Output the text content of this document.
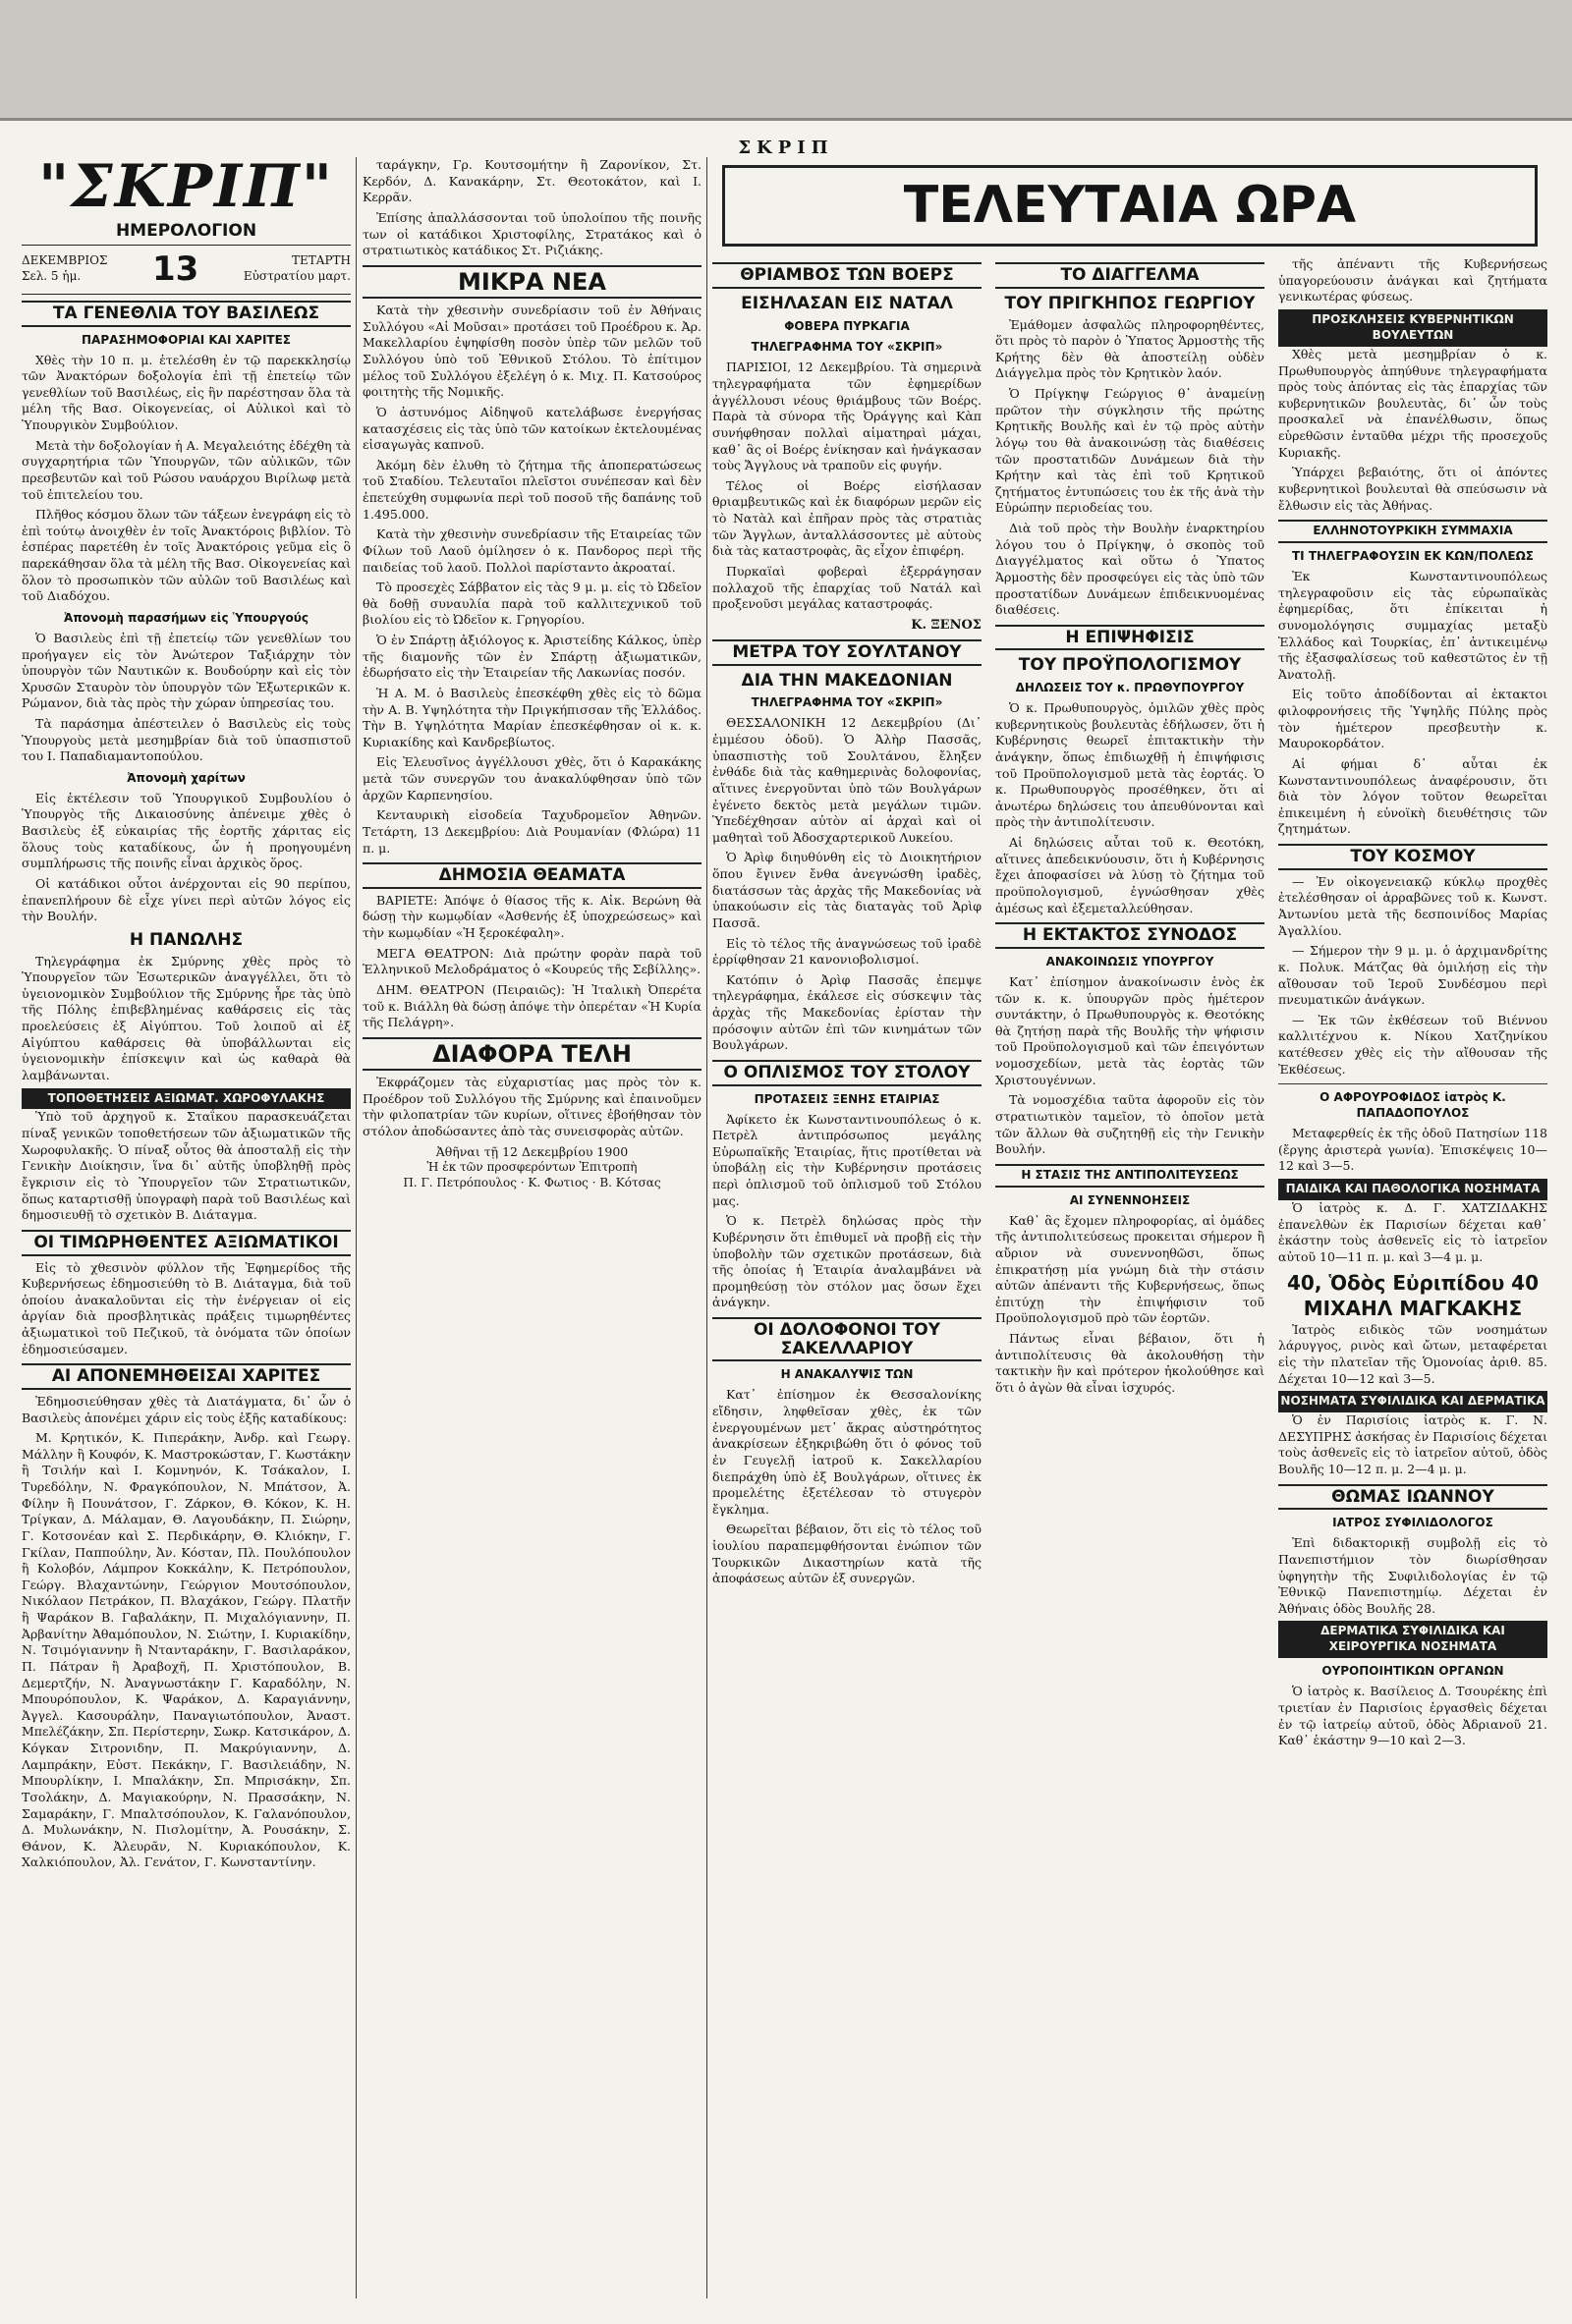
ΣΚΡΙΠ
"ΣΚΡΙΠ"
ΗΜΕΡΟΛΟΓΙΟΝ
ΔΕΚΕΜΒΡΙΟΣ
Σελ. 5 ἡμ.	13	ΤΕΤΑΡΤΗ
Εὐστρατίου μαρτ.
ΤΑ ΓΕΝΕΘΛΙΑ ΤΟΥ ΒΑΣΙΛΕΩΣ
ΠΑΡΑΣΗΜΟΦΟΡΙΑΙ ΚΑΙ ΧΑΡΙΤΕΣ

Χθὲς τὴν 10 π. μ. ἐτελέσθη ἐν τῷ παρεκκλησίῳ τῶν Ἀνακτόρων δοξολογία ἐπὶ τῇ ἐπετείῳ τῶν γενεθλίων τοῦ Βασιλέως, εἰς ἣν παρέστησαν ὅλα τὰ μέλη τῆς Βασ. Οἰκογενείας, οἱ Αὐλικοὶ καὶ τὸ Ὑπουργικὸν Συμβούλιον.

Μετὰ τὴν δοξολογίαν ἡ Α. Μεγαλειότης ἐδέχθη τὰ συγχαρητήρια τῶν Ὑπουργῶν, τῶν αὐλικῶν, τῶν πρεσβευτῶν καὶ τοῦ Ρώσου ναυάρχου Βιρίλωφ μετὰ τοῦ ἐπιτελείου του.

Πλῆθος κόσμου ὅλων τῶν τάξεων ἐνεγράφη εἰς τὸ ἐπὶ τούτῳ ἀνοιχθὲν ἐν τοῖς Ἀνακτόροις βιβλίον. Τὸ ἑσπέρας παρετέθη ἐν τοῖς Ἀνακτόροις γεῦμα εἰς ὃ παρεκάθησαν ὅλα τὰ μέλη τῆς Βασ. Οἰκογενείας καὶ ὅλον τὸ προσωπικὸν τῶν αὐλῶν τοῦ Βασιλέως καὶ τοῦ Διαδόχου.

Ἀπονομὴ παρασήμων εἰς Ὑπουργούς

Ὁ Βασιλεὺς ἐπὶ τῇ ἐπετείῳ τῶν γενεθλίων του προήγαγεν εἰς τὸν Ἀνώτερον Ταξιάρχην τὸν ὑπουργὸν τῶν Ναυτικῶν κ. Βουδούρην καὶ εἰς τὸν Χρυσῶν Σταυρὸν τὸν ὑπουργὸν τῶν Ἐξωτερικῶν κ. Ρώμανον, διὰ τὰς πρὸς τὴν χώραν ὑπηρεσίας του.

Τὰ παράσημα ἀπέστειλεν ὁ Βασιλεὺς εἰς τοὺς Ὑπουργοὺς μετὰ μεσημβρίαν διὰ τοῦ ὑπασπιστοῦ του Ι. Παπαδιαμαντοπούλου.

Ἀπονομὴ χαρίτων

Εἰς ἐκτέλεσιν τοῦ Ὑπουργικοῦ Συμβουλίου ὁ Ὑπουργὸς τῆς Δικαιοσύνης ἀπένειμε χθὲς ὁ Βασιλεὺς ἐξ εὐκαιρίας τῆς ἐορτῆς χάριτας εἰς ὅλους τοὺς καταδίκους, ὧν ἡ προηγουμένη συμπλήρωσις τῆς ποινῆς εἶναι ἀρχικὸς ὅρος.

Οἱ κατάδικοι οὗτοι ἀνέρχονται εἰς 90 περίπου, ἐπανεπλήρουν δὲ εἶχε γίνει περὶ αὐτῶν λόγος εἰς τὴν Βουλήν.

Η ΠΑΝΩΛΗΣ

Τηλεγράφημα ἐκ Σμύρνης χθὲς πρὸς τὸ Ὑπουργεῖον τῶν Ἐσωτερικῶν ἀναγγέλλει, ὅτι τὸ ὑγειονομικὸν Συμβούλιον τῆς Σμύρνης ἦρε τὰς ὑπὸ τῆς Πόλης ἐπιβεβλημένας καθάρσεις εἰς τὰς προελεύσεις ἐξ Αἰγύπτου. Τοῦ λοιποῦ αἱ ἐξ Αἰγύπτου καθάρσεις θὰ ὑποβάλλωνται εἰς ὑγειονομικὴν ἐπίσκεψιν καὶ ὡς καθαρὰ θὰ λαμβάνωνται.

ΤΟΠΟΘΕΤΗΣΕΙΣ ΑΞΙΩΜΑΤ. ΧΩΡΟΦΥΛΑΚΗΣ

Ὑπὸ τοῦ ἀρχηγοῦ κ. Σταΐκου παρασκευάζεται πίναξ γενικῶν τοποθετήσεων τῶν ἀξιωματικῶν τῆς Χωροφυλακῆς. Ὁ πίναξ οὗτος θὰ ἀποσταλῇ εἰς τὴν Γενικὴν Διοίκησιν, ἵνα δι᾽ αὐτῆς ὑποβληθῇ πρὸς ἔγκρισιν εἰς τὸ Ὑπουργεῖον τῶν Στρατιωτικῶν, ὅπως καταρτισθῇ ὑπογραφὴ παρὰ τοῦ Βασιλέως καὶ δημοσιευθῇ τὸ σχετικὸν Β. Διάταγμα.

ΟΙ ΤΙΜΩΡΗΘΕΝΤΕΣ ΑΞΙΩΜΑΤΙΚΟΙ

Εἰς τὸ χθεσινὸν φύλλον τῆς Ἐφημερίδος τῆς Κυβερνήσεως ἐδημοσιεύθη τὸ Β. Διάταγμα, διὰ τοῦ ὁποίου ἀνακαλοῦνται εἰς τὴν ἐνέργειαν οἱ εἰς ἀργίαν διὰ προσβλητικὰς πράξεις τιμωρηθέντες ἀξιωματικοὶ τοῦ Πεζικοῦ, τὰ ὀνόματα τῶν ὁποίων ἐδημοσιεύσαμεν.

ΑΙ ΑΠΟΝΕΜΗΘΕΙΣΑΙ ΧΑΡΙΤΕΣ

Ἐδημοσιεύθησαν χθὲς τὰ Διατάγματα, δι᾽ ὧν ὁ Βασιλεὺς ἀπονέμει χάριν εἰς τοὺς ἑξῆς καταδίκους:

Μ. Κρητικόν, Κ. Πιπεράκην, Ἀνδρ. καὶ Γεωργ. Μάλλην ἢ Κουφόν, Κ. Μαστροκώσταν, Γ. Κωστάκην ἢ Τσιλήν καὶ Ι. Κομνηνόν, Κ. Τσάκαλον, Ι. Τυρεδόλην, Ν. Φραγκόπουλον, Ν. Μπάτσον, Ἀ. Φίλην ἢ Πουνάτσον, Γ. Ζάρκον, Θ. Κόκον, Κ. Η. Τρίγκαν, Δ. Μάλαμαν, Θ. Λαγουδάκην, Π. Σιώρην, Γ. Κοτσονέαν καὶ Σ. Περδικάρην, Θ. Κλιόκην, Γ. Γκίλαν, Παππούλην, Ἀν. Κόσταν, Πλ. Πουλόπουλον ἢ Κολοβόν, Λάμπρον Κοκκάλην, Κ. Πετρόπουλον, Γεώργ. Βλαχαντώνην, Γεώργιον Μουτσόπουλον, Νικόλαον Πετράκον, Π. Βλαχάκον, Γεώργ. Πλατῆν ἢ Ψαράκον Β. Γαβαλάκην, Π. Μιχαλόγιαννην, Π. Ἀρβανίτην Ἀθαμόπουλον, Ν. Σιώτην, Ι. Κυριακίδην, Ν. Τσιμόγιαννην ἢ Ντανταράκην, Γ. Βασιλαράκον, Π. Πάτραν ἢ Ἀραβοχῆ, Π. Χριστόπουλον, Β. Δεμερτζήν, Ν. Ἀναγνωστάκην Γ. Καραδόλην, Ν. Μπουρόπουλον, Κ. Ψαράκον, Δ. Καραγιάννην, Ἀγγελ. Κασουράλην, Παναγιωτόπουλον, Ἀναστ. Μπελέζάκην, Σπ. Περίστερην, Σωκρ. Κατσικάρον, Δ. Κόγκαν Σιτρονιδην, Π. Μακρύγιαννην, Δ. Λαμπράκην, Εὐστ. Πεκάκην, Γ. Βασιλειάδην, Ν. Μπουρλίκην, Ι. Μπαλάκην, Σπ. Μπρισάκην, Σπ. Τσολάκην, Δ. Μαγιακούρην, Ν. Πρασσάκην, Ν. Σαμαράκην, Γ. Μπαλτσόπουλον, Κ. Γαλανόπουλον, Δ. Μυλωνάκην, Ν. Πισλομίτην, Ἀ. Ρουσάκην, Σ. Θάνον, Κ. Ἀλευρᾶν, Ν. Κυριακόπουλον, Κ. Χαλκιόπουλον, Ἀλ. Γενάτον, Γ. Κωνσταντίνην.

ταράγκην, Γρ. Κουτσομήτην ἢ Ζαρονίκον, Στ. Κερδόν, Δ. Κανακάρην, Στ. Θεοτοκάτον, καὶ Ι. Κερρᾶν.

Ἐπίσης ἀπαλλάσσονται τοῦ ὑπολοίπου τῆς ποινῆς των οἱ κατάδικοι Χριστοφίλης, Στρατάκος καὶ ὁ στρατιωτικὸς κατάδικος Στ. Ριζιάκης.

ΜΙΚΡΑ ΝΕΑ

Κατὰ τὴν χθεσινὴν συνεδρίασιν τοῦ ἐν Ἀθήναις Συλλόγου «Αἱ Μοῦσαι» προτάσει τοῦ Προέδρου κ. Ἀρ. Μακελλαρίου ἐψηφίσθη ποσὸν ὑπὲρ τῶν μελῶν τοῦ Συλλόγου ὑπὸ τοῦ Ἐθνικοῦ Στόλου. Τὸ ἐπίτιμον μέλος τοῦ Συλλόγου ἐξελέγη ὁ κ. Μιχ. Π. Κατσούρος φοιτητὴς τῆς Νομικῆς.

Ὁ ἀστυνόμος Αἰδηψοῦ κατελάβωσε ἐνεργήσας κατασχέσεις εἰς τὰς ὑπὸ τῶν κατοίκων ἐκτελουμένας εἰσαγωγὰς καπνοῦ.

Ἀκόμη δὲν ἐλυθη τὸ ζήτημα τῆς ἀποπερατώσεως τοῦ Σταδίου. Τελευταῖοι πλεῖστοι συνέπεσαν καὶ δὲν ἐπετεύχθη συμφωνία περὶ τοῦ ποσοῦ τῆς δαπάνης τοῦ 1.495.000.

Κατὰ τὴν χθεσινὴν συνεδρίασιν τῆς Εταιρείας τῶν Φίλων τοῦ Λαοῦ ὁμίλησεν ὁ κ. Πανδορος περὶ τῆς παιδείας τοῦ λαοῦ. Πολλοὶ παρίσταντο ἀκροαταί.

Τὸ προσεχὲς Σάββατον εἰς τὰς 9 μ. μ. εἰς τὸ Ὠδεῖον θὰ δοθῇ συναυλία παρὰ τοῦ καλλιτεχνικοῦ τοῦ βιολίου εἰς τὸ Ὠδεῖον κ. Γρηγορίου.

Ὁ ἐν Σπάρτῃ ἀξιόλογος κ. Ἀριστείδης Κάλκος, ὑπὲρ τῆς διαμονῆς τῶν ἐν Σπάρτῃ ἀξιωματικῶν, ἐδωρήσατο εἰς τὴν Ἐταιρείαν τῆς Λακωνίας ποσόν.

Ἡ Α. Μ. ὁ Βασιλεὺς ἐπεσκέφθη χθὲς εἰς τὸ δῶμα τὴν Α. Β. Υψηλότητα τὴν Πριγκήπισσαν τῆς Ἑλλάδος. Τὴν Β. Υψηλότητα Μαρίαν ἐπεσκέφθησαν οἱ κ. κ. Κυριακίδης καὶ Κανδρεβίωτος.

Εἰς Ἐλευσῖνος ἀγγέλλουσι χθὲς, ὅτι ὁ Καρακάκης μετὰ τῶν συνεργῶν του ἀνακαλύφθησαν ὑπὸ τῶν ἀρχῶν Καρπενησίου.

Κενταυρικὴ εἰσοδεία Ταχυδρομεῖον Ἀθηνῶν. Τετάρτη, 13 Δεκεμβρίου: Διὰ Ρουμανίαν (Φλώρα) 11 π. μ.

ΔΗΜΟΣΙΑ ΘΕΑΜΑΤΑ

ΒΑΡΙΕΤΕ: Ἀπόψε ὁ θίασος τῆς κ. Αἰκ. Βερώνη θὰ δώσῃ τὴν κωμῳδίαν «Ἀσθενής ἐξ ὑποχρεώσεως» καὶ τὴν κωμῳδίαν «Ἡ ξεροκέφαλη».

ΜΕΓΑ ΘΕΑΤΡΟΝ: Διὰ πρώτην φορὰν παρὰ τοῦ Ἑλληνικοῦ Μελοδράματος ὁ «Κουρεύς τῆς Σεβίλλης».

ΔΗΜ. ΘΕΑΤΡΟΝ (Πειραιῶς): Ἡ Ἰταλικὴ Ὀπερέτα τοῦ κ. Βιάλλη θὰ δώσῃ ἀπόψε τὴν ὀπερέταν «Ἡ Κυρία τῆς Πελάγρη».

ΔΙΑΦΟΡΑ ΤΕΛΗ

Ἐκφράζομεν τὰς εὐχαριστίας μας πρὸς τὸν κ. Προέδρον τοῦ Συλλόγου τῆς Σμύρνης καὶ ἐπαινοῦμεν τὴν φιλοπατρίαν τῶν κυρίων, οἵτινες ἐβοήθησαν τὸν στόλον ἀποδώσαντες ἀπὸ τὰς συνεισφορὰς αὐτῶν.

Ἀθῆναι τῇ 12 Δεκεμβρίου 1900
Ἡ ἐκ τῶν προσφερόντων Ἐπιτροπὴ
Π. Γ. Πετρόπουλος · Κ. Φωτιος · Β. Κότσας
ΤΕΛΕΥΤΑΙΑ ΩΡΑ
ΘΡΙΑΜΒΟΣ ΤΩΝ ΒΟΕΡΣ
ΕΙΣΗΛΑΣΑΝ ΕΙΣ ΝΑΤΑΛ
ΦΟΒΕΡΑ ΠΥΡΚΑΓΙΑ
ΤΗΛΕΓΡΑΦΗΜΑ ΤΟΥ «ΣΚΡΙΠ»

ΠΑΡΙΣΙΟΙ, 12 Δεκεμβρίου. Τὰ σημερινὰ τηλεγραφήματα τῶν ἐφημερίδων ἀγγέλλουσι νέους θριάμβους τῶν Βοέρς. Παρὰ τὰ σύνορα τῆς Ὀράγγης καὶ Κὰπ συνήφθησαν πολλαὶ αἱματηραὶ μάχαι, καθ᾽ ἃς οἱ Βοέρς ἐνίκησαν καὶ ἠνάγκασαν τοὺς Ἄγγλους νὰ τραποῦν εἰς φυγήν.

Τέλος οἱ Βοέρς εἰσήλασαν θριαμβευτικῶς καὶ ἐκ διαφόρων μερῶν εἰς τὸ Νατὰλ καὶ ἐπῆραν πρὸς τὰς στρατιὰς τῶν Ἄγγλων, ἀνταλλάσσοντες μὲ αὐτοὺς διὰ τὰς καταστροφὰς, ἂς εἶχον ἐπιφέρη.

Πυρκαϊαὶ φοβεραὶ ἐξερράγησαν πολλαχοῦ τῆς ἐπαρχίας τοῦ Νατάλ καὶ προξενοῦσι μεγάλας καταστροφάς.

Κ. ΞΕΝΟΣ
ΜΕΤΡΑ ΤΟΥ ΣΟΥΛΤΑΝΟΥ
ΔΙΑ ΤΗΝ ΜΑΚΕΔΟΝΙΑΝ
ΤΗΛΕΓΡΑΦΗΜΑ ΤΟΥ «ΣΚΡΙΠ»

ΘΕΣΣΑΛΟΝΙΚΗ 12 Δεκεμβρίου (Δι᾽ ἐμμέσου ὁδοῦ). Ὁ Ἀλὴρ Πασσᾶς, ὑπασπιστὴς τοῦ Σουλτάνου, ἔληξεν ἐνθάδε διὰ τὰς καθημερινὰς δολοφονίας, αἵτινες ἐνεργοῦνται ὑπὸ τῶν Βουλγάρων ἐγένετο δεκτὸς μετὰ μεγάλων τιμῶν. Ὑπεδέχθησαν αὐτὸν αἱ ἀρχαὶ καὶ οἱ μαθηταὶ τοῦ Ἀδοσχαρτερικοῦ Λυκείου.

Ὁ Ἀρὶφ διηυθύνθη εἰς τὸ Διοικητήριον ὅπου ἔγινεν ἔνθα ἀνεγνώσθη ἰραδὲς, διατάσσων τὰς ἀρχὰς τῆς Μακεδονίας νὰ ὑπακούωσιν εἰς τὰς διαταγὰς τοῦ Ἀρὶφ Πασσᾶ.

Εἰς τὸ τέλος τῆς ἀναγνώσεως τοῦ ἰραδὲ ἐρρίφθησαν 21 κανονιοβολισμοί.

Κατόπιν ὁ Ἀρὶφ Πασσᾶς ἐπεμψε τηλεγράφημα, ἐκάλεσε εἰς σύσκεψιν τὰς ἀρχὰς τῆς Μακεδονίας ἐρίσταν τὴν πρόσοψιν αὐτῶν ἐπὶ τῶν κινημάτων τῶν Βουλγάρων.

Ο ΟΠΛΙΣΜΟΣ ΤΟΥ ΣΤΟΛΟΥ
ΠΡΟΤΑΣΕΙΣ ΞΕΝΗΣ ΕΤΑΙΡΙΑΣ

Ἀφίκετο ἐκ Κωνσταντινουπόλεως ὁ κ. Πετρὲλ ἀντιπρόσωπος μεγάλης Εὐρωπαϊκῆς Ἑταιρίας, ἥτις προτίθεται νὰ ὑποβάλῃ εἰς τὴν Κυβέρνησιν προτάσεις περὶ ὁπλισμοῦ τοῦ ὁπλισμοῦ τοῦ Στόλου μας.

Ὁ κ. Πετρὲλ δηλώσας πρὸς τὴν Κυβέρνησιν ὅτι ἐπιθυμεῖ νὰ προβῇ εἰς τὴν ὑποβολὴν τῶν σχετικῶν προτάσεων, διὰ τῆς ὁποίας ἡ Ἑταιρία ἀναλαμβάνει νὰ προμηθεύσῃ τὸν στόλον μας ὅσων ἔχει ἀνάγκην.

ΟΙ ΔΟΛΟΦΟΝΟΙ ΤΟΥ ΣΑΚΕΛΛΑΡΙΟΥ
Η ΑΝΑΚΑΛΥΨΙΣ ΤΩΝ

Κατ᾽ ἐπίσημον ἐκ Θεσσαλονίκης εἴδησιν, ληφθεῖσαν χθὲς, ἐκ τῶν ἐνεργουμένων μετ᾽ ἄκρας αὐστηρότητος ἀνακρίσεων ἐξηκριβώθη ὅτι ὁ φόνος τοῦ ἐν Γευγελῇ ἰατροῦ κ. Σακελλαρίου διεπράχθη ὑπὸ ἐξ Βουλγάρων, οἵτινες ἐκ προμελέτης ἐξετέλεσαν τὸ στυγερὸν ἔγκλημα.

Θεωρεῖται βέβαιον, ὅτι εἰς τὸ τέλος τοῦ ἰουλίου παραπεμφθήσονται ἐνώπιον τῶν Τουρκικῶν Δικαστηρίων κατὰ τῆς ἀποφάσεως αὐτῶν ἐξ συνεργῶν.

ΤΟ ΔΙΑΓΓΕΛΜΑ
ΤΟΥ ΠΡΙΓΚΗΠΟΣ ΓΕΩΡΓΙΟΥ

Ἐμάθομεν ἀσφαλῶς πληροφορηθέντες, ὅτι πρὸς τὸ παρὸν ὁ Ὑπατος Ἁρμοστὴς τῆς Κρήτης δὲν θὰ ἀποστείλῃ οὐδὲν Διάγγελμα πρὸς τὸν Κρητικὸν λαόν.

Ὁ Πρίγκηψ Γεώργιος θ᾽ ἀναμείνῃ πρῶτον τὴν σύγκλησιν τῆς πρώτης Κρητικῆς Βουλῆς καὶ ἐν τῷ πρὸς αὐτὴν λόγῳ του θὰ ἀνακοινώσῃ τὰς διαθέσεις τῶν προστατιδῶν Δυνάμεων διὰ τὴν Κρήτην καὶ τὰς ἐπὶ τοῦ Κρητικοῦ ζητήματος ἐντυπώσεις του ἐκ τῆς ἀνὰ τὴν Εὐρώπην περιοδείας του.

Διὰ τοῦ πρὸς τὴν Βουλὴν ἐναρκτηρίου λόγου του ὁ Πρίγκηψ, ὁ σκοπὸς τοῦ Διαγγέλματος καὶ οὕτω ὁ Ὑπατος Ἁρμοστὴς δὲν προσφεύγει εἰς τὰς ὑπὸ τῶν προστατίδων Δυνάμεων ἐπιδεικνυομένας διαθέσεις.

Η ΕΠΙΨΗΦΙΣΙΣ
ΤΟΥ ΠΡΟΫΠΟΛΟΓΙΣΜΟΥ
ΔΗΛΩΣΕΙΣ ΤΟΥ κ. ΠΡΩΘΥΠΟΥΡΓΟΥ

Ὁ κ. Πρωθυπουργὸς, ὁμιλῶν χθὲς πρὸς κυβερνητικοὺς βουλευτὰς ἐδήλωσεν, ὅτι ἡ Κυβέρνησις θεωρεῖ ἐπιτακτικὴν τὴν ἀνάγκην, ὅπως ἐπιδιωχθῇ ἡ ἐπιψήφισις τοῦ Προϋπολογισμοῦ μετὰ τὰς ἑορτάς. Ὁ κ. Πρωθυπουργὸς προσέθηκεν, ὅτι αἱ ἀνωτέρω δηλώσεις του ἀπευθύνονται καὶ πρὸς τὴν ἀντιπολίτευσιν.

Αἱ δηλώσεις αὗται τοῦ κ. Θεοτόκη, αἵτινες ἀπεδεικνύουσιν, ὅτι ἡ Κυβέρνησις ἔχει ἀποφασίσει νὰ λύσῃ τὸ ζήτημα τοῦ προϋπολογισμοῦ, ἐγνώσθησαν χθὲς ἀμέσως καὶ ἐξεμεταλλεύθησαν.

Η ΕΚΤΑΚΤΟΣ ΣΥΝΟΔΟΣ
ΑΝΑΚΟΙΝΩΣΙΣ ΥΠΟΥΡΓΟΥ

Κατ᾽ ἐπίσημον ἀνακοίνωσιν ἑνὸς ἐκ τῶν κ. κ. ὑπουργῶν πρὸς ἡμέτερον συντάκτην, ὁ Πρωθυπουργὸς κ. Θεοτόκης θὰ ζητήσῃ παρὰ τῆς Βουλῆς τὴν ψήφισιν τοῦ Προϋπολογισμοῦ καὶ τῶν ἐπειγόντων νομοσχεδίων, μετὰ τὰς ἑορτὰς τῶν Χριστουγέννων.

Τὰ νομοσχέδια ταῦτα ἀφοροῦν εἰς τὸν στρατιωτικὸν ταμεῖον, τὸ ὁποῖον μετὰ τῶν ἄλλων θὰ συζητηθῇ εἰς τὴν Γενικὴν Βουλήν.

Η ΣΤΑΣΙΣ ΤΗΣ ΑΝΤΙΠΟΛΙΤΕΥΣΕΩΣ
ΑΙ ΣΥΝΕΝΝΟΗΣΕΙΣ

Καθ᾽ ἃς ἔχομεν πληροφορίας, αἱ ὁμάδες τῆς ἀντιπολιτεύσεως προκειται σήμερον ἢ αὔριον νὰ συνεννοηθῶσι, ὅπως ἐπικρατήσῃ μία γνώμη διὰ τὴν στάσιν αὐτῶν ἀπέναντι τῆς Κυβερνήσεως, ὅπως ἐπιτύχῃ τὴν ἐπιψήφισιν τοῦ Προϋπολογισμοῦ πρὸ τῶν ἑορτῶν.

Πάντως εἶναι βέβαιον, ὅτι ἡ ἀντιπολίτευσις θὰ ἀκολουθήσῃ τὴν τακτικὴν ἣν καὶ πρότερον ἠκολούθησε καὶ ὅτι ὁ ἀγὼν θὰ εἶναι ἰσχυρός.

τῆς ἀπέναντι τῆς Κυβερνήσεως ὑπαγορεύουσιν ἀνάγκαι καὶ ζητήματα γενικωτέρας φύσεως.

ΠΡΟΣΚΛΗΣΕΙΣ ΚΥΒΕΡΝΗΤΙΚΩΝ ΒΟΥΛΕΥΤΩΝ

Χθὲς μετὰ μεσημβρίαν ὁ κ. Πρωθυπουργὸς ἀπηύθυνε τηλεγραφήματα πρὸς τοὺς ἀπόντας εἰς τὰς ἐπαρχίας τῶν κυβερνητικῶν βουλευτὰς, δι᾽ ὧν τοὺς προσκαλεῖ νὰ ἐπανέλθωσιν, ὅπως εὑρεθῶσιν ἐνταῦθα μέχρι τῆς προσεχοῦς Κυριακῆς.

Ὑπάρχει βεβαιότης, ὅτι οἱ ἀπόντες κυβερνητικοὶ βουλευταὶ θὰ σπεύσωσιν νὰ ἔλθωσιν εἰς τὰς Ἀθήνας.

ΕΛΛΗΝΟΤΟΥΡΚΙΚΗ ΣΥΜΜΑΧΙΑ
ΤΙ ΤΗΛΕΓΡΑΦΟΥΣΙΝ ΕΚ ΚΩΝ/ΠΟΛΕΩΣ

Ἐκ Κωνσταντινουπόλεως τηλεγραφοῦσιν εἰς τὰς εὐρωπαϊκὰς ἐφημερίδας, ὅτι ἐπίκειται ἡ συνομολόγησις συμμαχίας μεταξὺ Ἑλλάδος καὶ Τουρκίας, ἐπ᾽ ἀντικειμένῳ τῆς ἐξασφαλίσεως τοῦ καθεστῶτος ἐν τῇ Ἀνατολῇ.

Εἰς τοῦτο ἀποδίδονται αἱ ἐκτακτοι φιλοφρονήσεις τῆς Ὑψηλῆς Πύλης πρὸς τὸν ἡμέτερον πρεσβευτὴν κ. Μαυροκορδάτον.

Αἱ φήμαι δ᾽ αὗται ἐκ Κωνσταντινουπόλεως ἀναφέρουσιν, ὅτι διὰ τὸν λόγον τοῦτον θεωρεῖται ἐπικειμένη ἡ εὐνοϊκὴ διευθέτησις τῶν ζητημάτων.

ΤΟΥ ΚΟΣΜΟΥ

— Ἐν οἰκογενειακῷ κύκλῳ προχθὲς ἐτελέσθησαν οἱ ἀρραβῶνες τοῦ κ. Κωνστ. Ἀντωνίου μετὰ τῆς δεσποινίδος Μαρίας Ἀγαλλίου.

— Σήμερον τὴν 9 μ. μ. ὁ ἀρχιμανδρίτης κ. Πολυκ. Μάτζας θὰ ὁμιλήσῃ εἰς τὴν αἴθουσαν τοῦ Ἱεροῦ Συνδέσμου περὶ πνευματικῶν ἀνάγκων.

— Ἐκ τῶν ἐκθέσεων τοῦ Βιέννου καλλιτέχνου κ. Νίκου Χατζηνίκου κατέθεσεν χθὲς εἰς τὴν αἴθουσαν τῆς Ἐκθέσεως.

Ο ΑΦΡΟΥΡΟΦΙΔΟΣ ἰατρὸς Κ. ΠΑΠΑΔΟΠΟΥΛΟΣ

Μεταφερθείς ἐκ τῆς ὁδοῦ Πατησίων 118 (ἔργης ἀριστερὰ γωνία). Ἐπισκέψεις 10—12 καὶ 3—5.

ΠΑΙΔΙΚΑ ΚΑΙ ΠΑΘΟΛΟΓΙΚΑ ΝΟΣΗΜΑΤΑ

Ὁ ἰατρὸς κ. Δ. Γ. ΧΑΤΖΙΔΑΚΗΣ ἐπανελθὼν ἐκ Παρισίων δέχεται καθ᾽ ἑκάστην τοὺς ἀσθενεῖς εἰς τὸ ἰατρεῖον αὐτοῦ 10—11 π. μ. καὶ 3—4 μ. μ.

40, Ὁδὸς Εὐριπίδου 40
ΜΙΧΑΗΛ ΜΑΓΚΑΚΗΣ

Ἰατρὸς ειδικὸς τῶν νοσημάτων λάρυγγος, ρινὸς καὶ ὤτων, μεταφέρεται εἰς τὴν πλατεῖαν τῆς Ὁμονοίας ἀριθ. 85. Δέχεται 10—12 καὶ 3—5.

ΝΟΣΗΜΑΤΑ ΣΥΦΙΛΙΔΙΚΑ ΚΑΙ ΔΕΡΜΑΤΙΚΑ

Ὁ ἐν Παρισίοις ἰατρὸς κ. Γ. Ν. ΔΕΣΥΠΡΗΣ ἀσκήσας ἐν Παρισίοις δέχεται τοὺς ἀσθενεῖς εἰς τὸ ἰατρεῖον αὐτοῦ, ὁδὸς Βουλῆς 10—12 π. μ. 2—4 μ. μ.

ΘΩΜΑΣ ΙΩΑΝΝΟΥ
ΙΑΤΡΟΣ ΣΥΦΙΛΙΔΟΛΟΓΟΣ

Ἐπὶ διδακτορικῇ συμβολῇ εἰς τὸ Πανεπιστήμιον τὸν διωρίσθησαν ὑφηγητὴν τῆς Συφιλιδολογίας ἐν τῷ Ἐθνικῷ Πανεπιστημίῳ. Δέχεται ἐν Ἀθήναις ὁδὸς Βουλῆς 28.

ΔΕΡΜΑΤΙΚΑ ΣΥΦΙΛΙΔΙΚΑ ΚΑΙ ΧΕΙΡΟΥΡΓΙΚΑ ΝΟΣΗΜΑΤΑ
ΟΥΡΟΠΟΙΗΤΙΚΩΝ ΟΡΓΑΝΩΝ

Ὁ ἰατρὸς κ. Βασίλειος Δ. Τσουρέκης ἐπὶ τριετίαν ἐν Παρισίοις ἐργασθεὶς δέχεται ἐν τῷ ἰατρείῳ αὐτοῦ, ὁδὸς Ἀδριανοῦ 21. Καθ᾽ ἑκάστην 9—10 καὶ 2—3.
